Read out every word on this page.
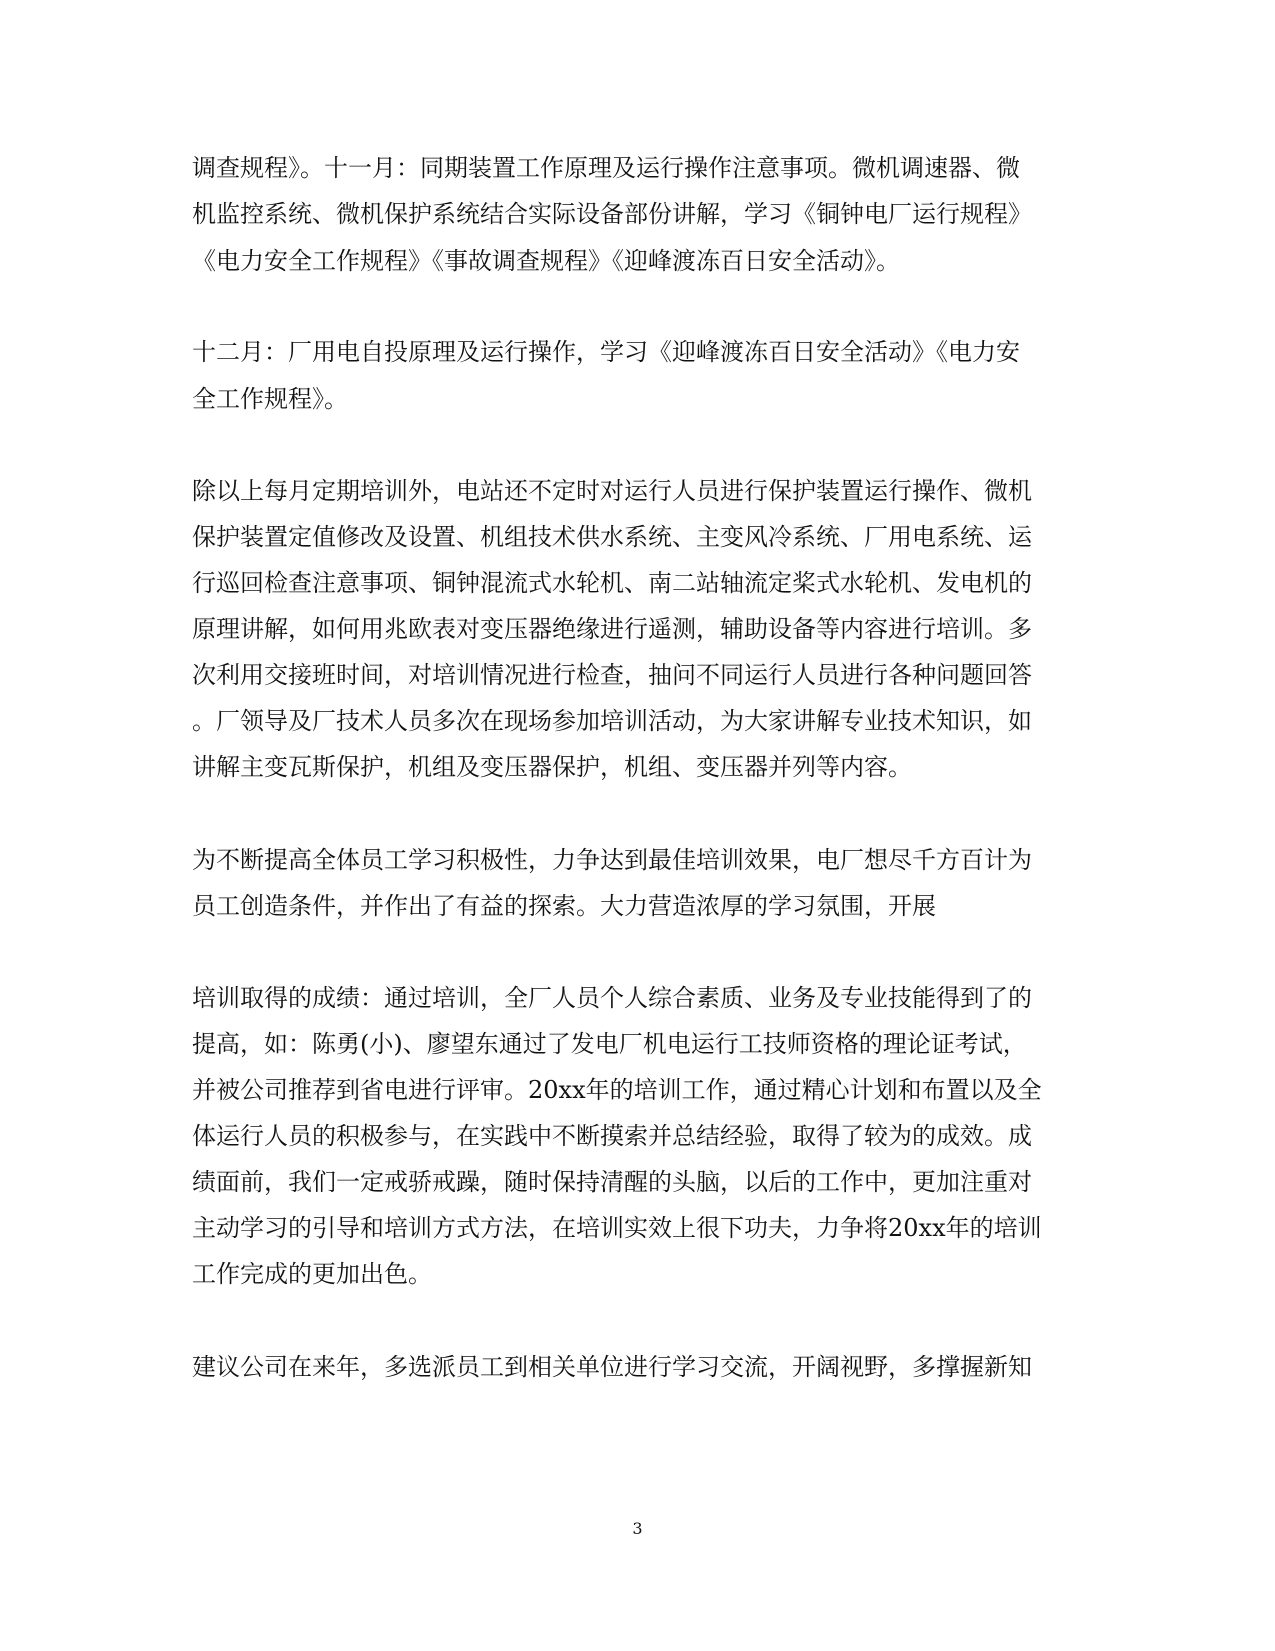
调查规程》。十一月：同期装置工作原理及运行操作注意事项。微机调速器、微
机监控系统、微机保护系统结合实际设备部份讲解，学习《铜钟电厂运行规程》
《电力安全工作规程》《事故调查规程》《迎峰渡冻百日安全活动》。
十二月：厂用电自投原理及运行操作，学习《迎峰渡冻百日安全活动》《电力安
全工作规程》。
除以上每月定期培训外，电站还不定时对运行人员进行保护装置运行操作、微机
保护装置定值修改及设置、机组技术供水系统、主变风冷系统、厂用电系统、运
行巡回检查注意事项、铜钟混流式水轮机、南二站轴流定桨式水轮机、发电机的
原理讲解，如何用兆欧表对变压器绝缘进行遥测，辅助设备等内容进行培训。多
次利用交接班时间，对培训情况进行检查，抽问不同运行人员进行各种问题回答
。厂领导及厂技术人员多次在现场参加培训活动，为大家讲解专业技术知识，如
讲解主变瓦斯保护，机组及变压器保护，机组、变压器并列等内容。
为不断提高全体员工学习积极性，力争达到最佳培训效果，电厂想尽千方百计为
员工创造条件，并作出了有益的探索。大力营造浓厚的学习氛围，开展
培训取得的成绩：通过培训，全厂人员个人综合素质、业务及专业技能得到了的
提高，如：陈勇(小)、廖望东通过了发电厂机电运行工技师资格的理论证考试，
并被公司推荐到省电进行评审。20xx年的培训工作，通过精心计划和布置以及全
体运行人员的积极参与，在实践中不断摸索并总结经验，取得了较为的成效。成
绩面前，我们一定戒骄戒躁，随时保持清醒的头脑，以后的工作中，更加注重对
主动学习的引导和培训方式方法，在培训实效上很下功夫，力争将20xx年的培训
工作完成的更加出色。
建议公司在来年，多选派员工到相关单位进行学习交流，开阔视野，多撑握新知
3
